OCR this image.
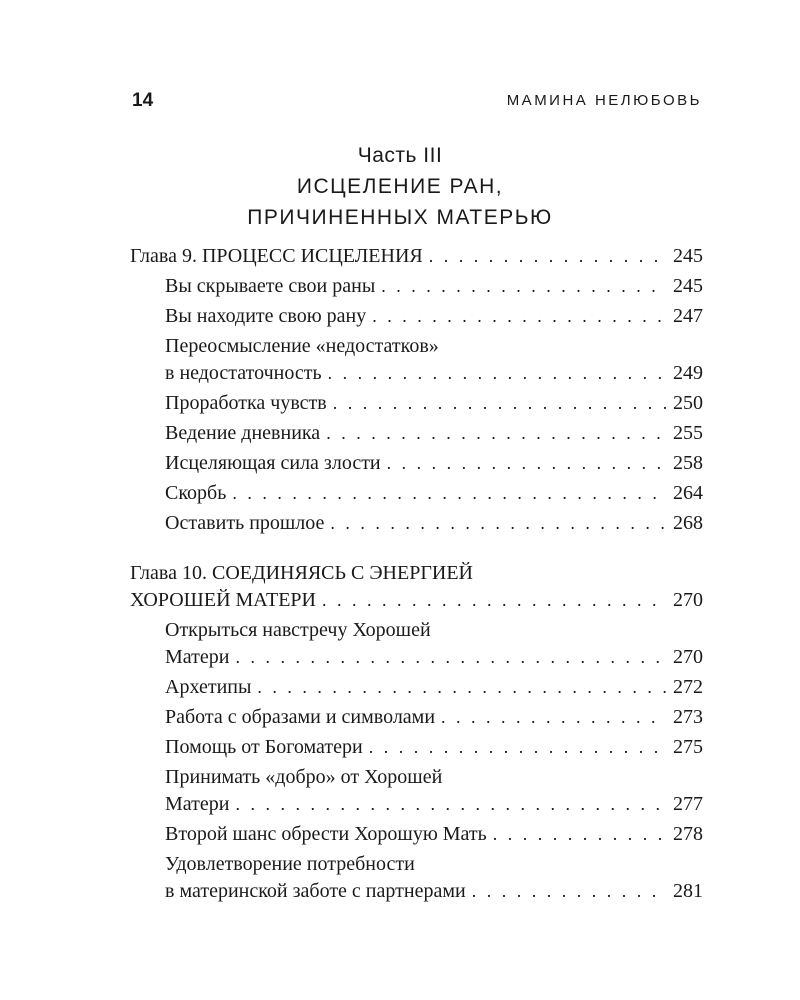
14	МАМИНА НЕЛЮБОВЬ
Часть III
ИСЦЕЛЕНИЕ РАН,
ПРИЧИНЕННЫХ МАТЕРЬЮ
Глава 9. ПРОЦЕСС ИСЦЕЛЕНИЯ . . .	245
Вы скрываете свои раны . . .	245
Вы находите свою рану . . .	247
Переосмысление «недостатков»
в недостаточность . . .	249
Проработка чувств . . .	250
Ведение дневника . . .	255
Исцеляющая сила злости . . .	258
Скорбь . . .	264
Оставить прошлое . . .	268
Глава 10. СОЕДИНЯЯСЬ С ЭНЕРГИЕЙ
ХОРОШЕЙ МАТЕРИ . . .	270
Открыться навстречу Хорошей
Матери . . .	270
Архетипы . . .	272
Работа с образами и символами . . .	273
Помощь от Богоматери . . .	275
Принимать «добро» от Хорошей
Матери . . .	277
Второй шанс обрести Хорошую Мать . . .	278
Удовлетворение потребности
в материнской заботе с партнерами . . .	281
